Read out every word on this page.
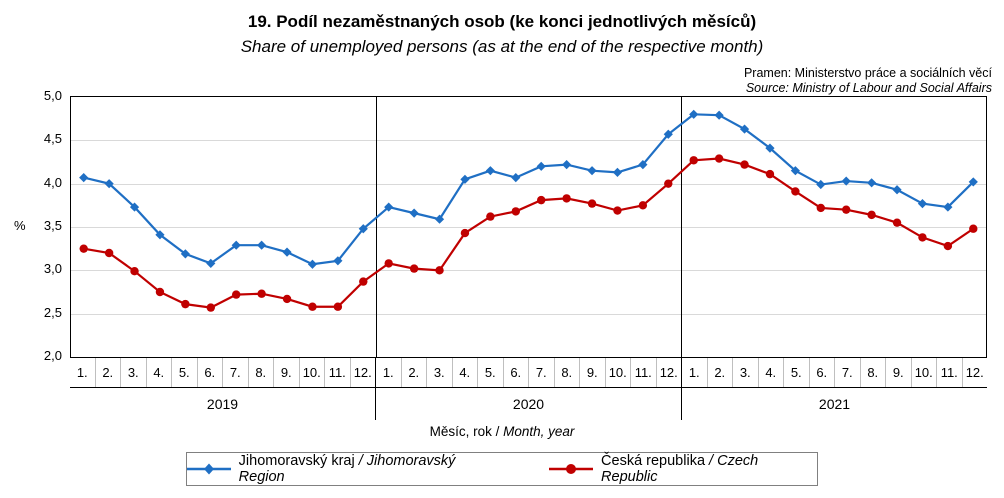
19. Podíl nezaměstnaných osob (ke konci jednotlivých měsíců)
Share of unemployed persons (as at the end of the respective month)
Pramen: Ministerstvo práce a sociálních věcí
Source: Ministry of Labour and Social Affairs
%
2,0
2,5
3,0
3,5
4,0
4,5
5,0
1.	2.	3.	4.	5.	6.	7.	8.	9. 10. 11. 12. 1.	2.	3.	4.	5.	6.	7.	8.	9. 10. 11. 12. 1.	2.	3.	4.	5.	6.	7.	8.	9. 10. 11. 12.
2019	2020	2021
Měsíc, rok / Month, year
Jihomoravský kraj / Jihomoravský Region
Česká republika / Czech Republic
